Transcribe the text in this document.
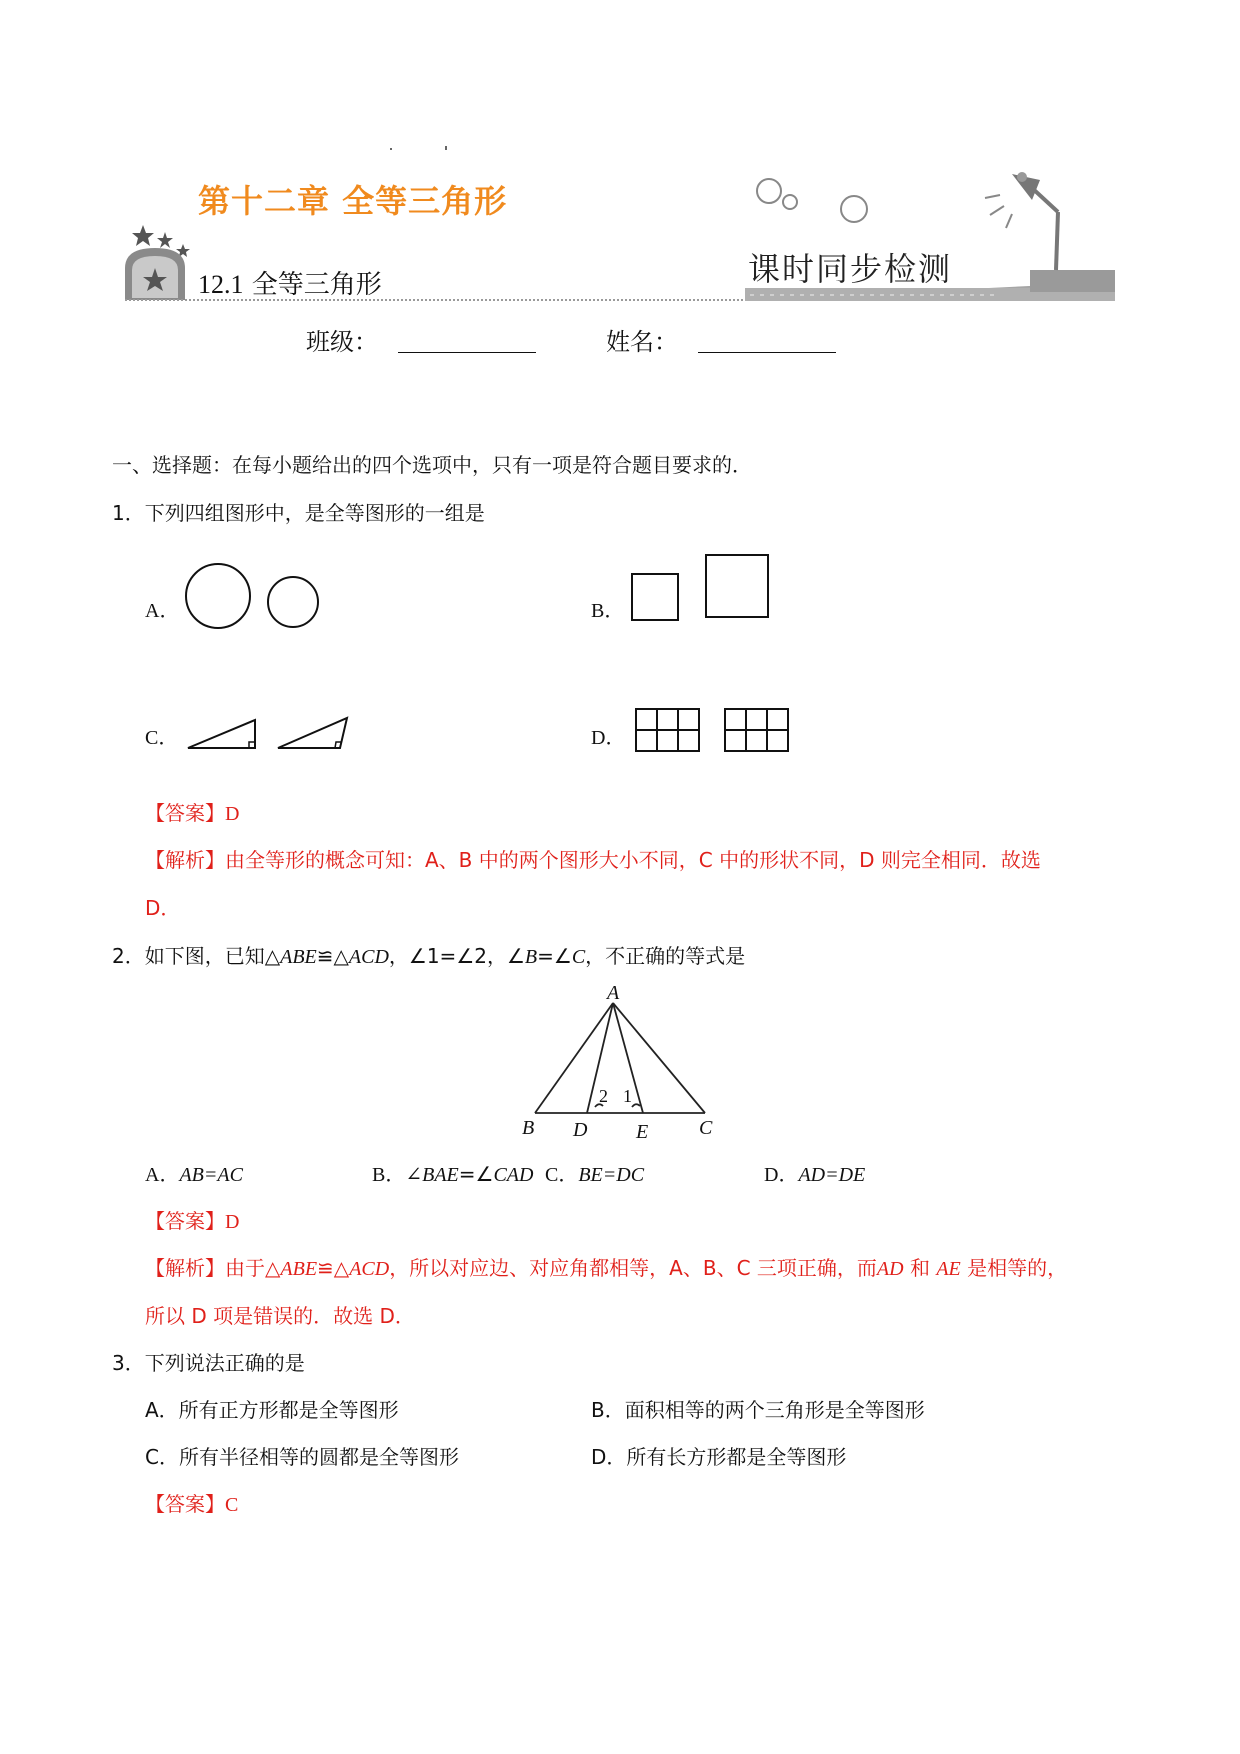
第十二章 全等三角形
12.1 全等三角形	课时同步检测
班级：	姓名：
一、选择题：在每小题给出的四个选项中，只有一项是符合题目要求的．
1．下列四组图形中，是全等图形的一组是
A．	B．
C．	D．
【答案】D
【解析】由全等形的概念可知：A、B 中的两个图形大小不同，C 中的形状不同，D 则完全相同．故选
D．
2．如下图，已知△ABE≌△ACD，∠1=∠2，∠B=∠C，不正确的等式是
A
B D E	C
2 1
A．AB=AC	B．∠BAE=∠CAD C．BE=DC	D．AD=DE
【答案】D
【解析】由于△ABE≌△ACD，所以对应边、对应角都相等，A、B、C 三项正确，而AD 和 AE 是相等的，
所以 D 项是错误的．故选 D．
3．下列说法正确的是
A．所有正方形都是全等图形	B．面积相等的两个三角形是全等图形
C．所有半径相等的圆都是全等图形	D．所有长方形都是全等图形
【答案】C
